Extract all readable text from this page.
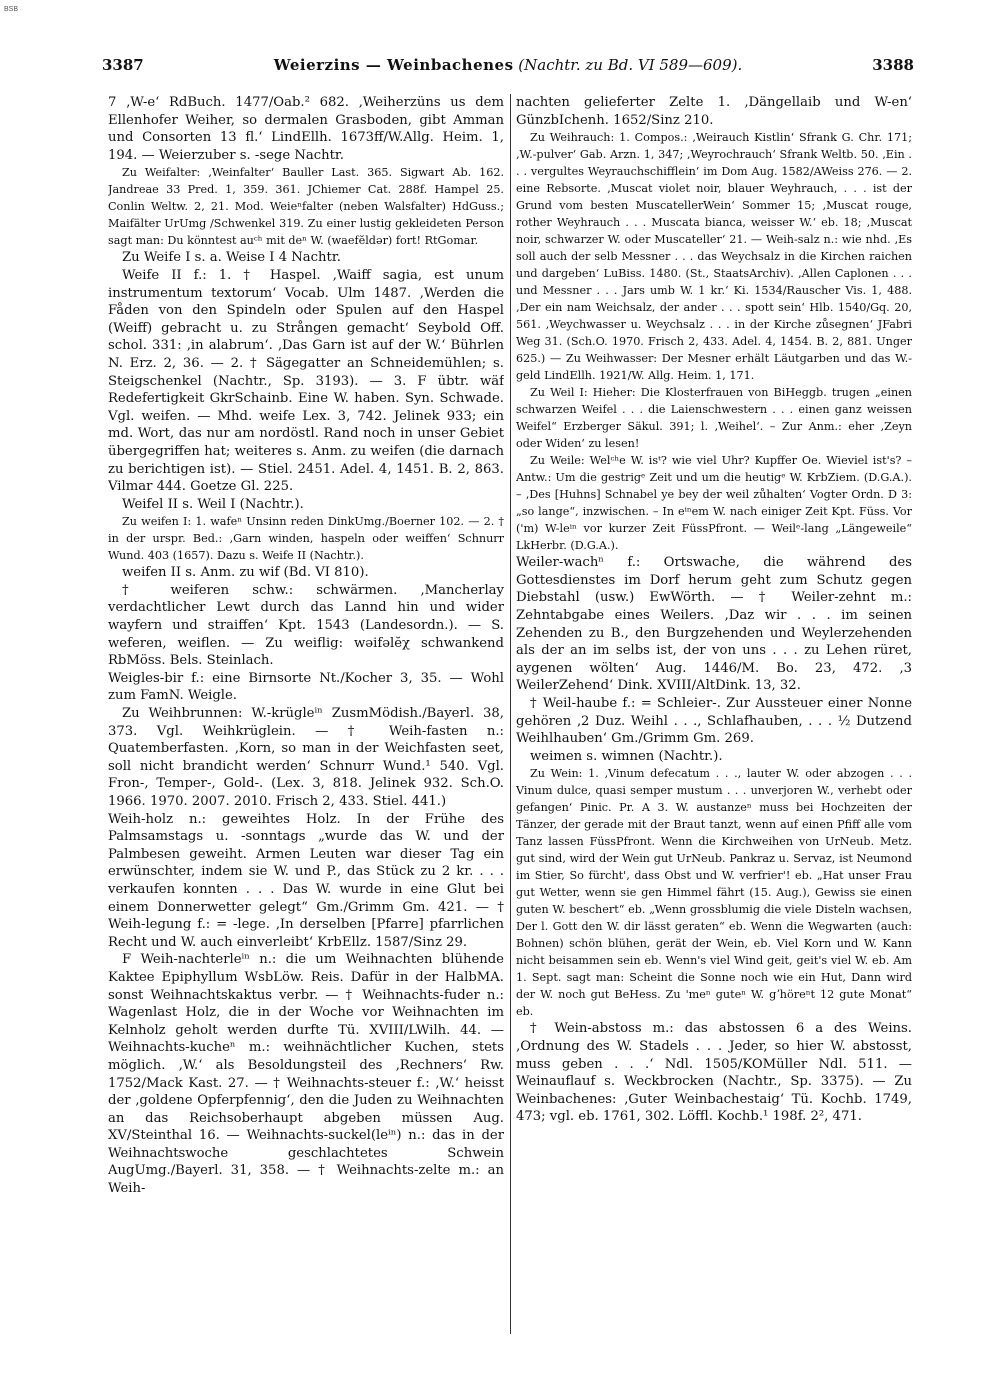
BSB
3387	Weierzins — Weinbachenes (Nachtr. zu Bd. VI 589—609).	3388

7 ‚W-e‘ RdBuch. 1477/Oab.² 682. ‚Weiherzüns us dem Ellenhofer Weiher, so dermalen Grasboden, gibt Amman und Consorten 13 fl.‘ LindEllh. 1673ff/W.Allg. Heim. 1, 194. — Weierzuber s. -sege Nachtr.

Zu Weifalter: ‚Weinfalter‘ Bauller Last. 365. Sigwart Ab. 162. Jandreae 33 Pred. 1, 359. 361. JChiemer Cat. 288f. Hampel 25. Conlin Weltw. 2, 21. Mod. Weieⁿfalter (neben Walsfalter) HdGuss.; Maifälter UrUmg /Schwenkel 319. Zu einer lustig gekleideten Person sagt man: Du könntest auᶜʰ mit deⁿ W. (waefĕldər) fort! RtGomar.

Zu Weife I s. a. Weise I 4 Nachtr.

Weife II f.: 1. † Haspel. ‚Waiff sagia, est unum instrumentum textorum‘ Vocab. Ulm 1487. ‚Werden die Fåden von den Spindeln oder Spulen auf den Haspel (Weiff) gebracht u. zu Strången gemacht‘ Seybold Off. schol. 331: ‚in alabrum‘. ‚Das Garn ist auf der W.‘ Bührlen N. Erz. 2, 36. — 2. † Sägegatter an Schneidemühlen; s. Steigschenkel (Nachtr., Sp. 3193). — 3. F übtr. wäf Redefertigkeit GkrSchainb. Eine W. haben. Syn. Schwade. Vgl. weifen. — Mhd. weife Lex. 3, 742. Jelinek 933; ein md. Wort, das nur am nordöstl. Rand noch in unser Gebiet übergegriffen hat; weiteres s. Anm. zu weifen (die darnach zu berichtigen ist). — Stiel. 2451. Adel. 4, 1451. B. 2, 863. Vilmar 444. Goetze Gl. 225.

Weifel II s. Weil I (Nachtr.).

Zu weifen I: 1. wafeⁿ Unsinn reden DinkUmg./Boerner 102. — 2. † in der urspr. Bed.: ‚Garn winden, haspeln oder weiffen‘ Schnurr Wund. 403 (1657). Dazu s. Weife II (Nachtr.).

weifen II s. Anm. zu wif (Bd. VI 810).

† weiferen schw.: schwärmen. ‚Mancherlay verdachtlicher Lewt durch das Lannd hin und wider wayfern und straiffen‘ Kpt. 1543 (Landesordn.). — S. weferen, weiflen. — Zu weiflig: wəifəlĕχ schwankend RbMöss. Bels. Steinlach.

Weigles-bir f.: eine Birnsorte Nt./Kocher 3, 35. — Wohl zum FamN. Weigle.

Zu Weihbrunnen: W.-krügleⁱⁿ ZusmMödish./Bayerl. 38, 373. Vgl. Weihkrüglein. — † Weih-fasten n.: Quatemberfasten. ‚Korn, so man in der Weichfasten seet, soll nicht brandicht werden‘ Schnurr Wund.¹ 540. Vgl. Fron-, Temper-, Gold-. (Lex. 3, 818. Jelinek 932. Sch.O. 1966. 1970. 2007. 2010. Frisch 2, 433. Stiel. 441.)

Weih-holz n.: geweihtes Holz. In der Frühe des Palmsamstags u. -sonntags „wurde das W. und der Palmbesen geweiht. Armen Leuten war dieser Tag ein erwünschter, indem sie W. und P., das Stück zu 2 kr. . . . verkaufen konnten . . . Das W. wurde in eine Glut bei einem Donnerwetter gelegt“ Gm./Grimm Gm. 421. — † Weih-legung f.: = -lege. ‚In derselben [Pfarre] pfarrlichen Recht und W. auch einverleibt‘ KrbEllz. 1587/Sinz 29.

F Weih-nachterleⁱⁿ n.: die um Weihnachten blühende Kaktee Epiphyllum WsbLöw. Reis. Dafür in der HalbMA. sonst Weihnachtskaktus verbr. — † Weihnachts-fuder n.: Wagenlast Holz, die in der Woche vor Weihnachten im Kelnholz geholt werden durfte Tü. XVIII/LWilh. 44. — Weihnachts-kucheⁿ m.: weihnächtlicher Kuchen, stets möglich. ‚W.‘ als Besoldungsteil des ‚Rechners‘ Rw. 1752/Mack Kast. 27. — † Weihnachts-steuer f.: ‚W.‘ heisst der ‚goldene Opferpfennig‘, den die Juden zu Weihnachten an das Reichsoberhaupt abgeben müssen Aug. XV/Steinthal 16. — Weihnachts-suckel(leⁱⁿ) n.: das in der Weihnachtswoche geschlachtetes Schwein AugUmg./Bayerl. 31, 358. — † Weihnachts-zelte m.: an Weih-

nachten gelieferter Zelte 1. ‚Dängellaib und W-en‘ GünzbIchenh. 1652/Sinz 210.

Zu Weihrauch: 1. Compos.: ‚Weirauch Kistlin‘ Sfrank G. Chr. 171; ‚W.-pulver‘ Gab. Arzn. 1, 347; ‚Weyrochrauch‘ Sfrank Weltb. 50. ‚Ein . . . vergultes Weyrauchschifflein‘ im Dom Aug. 1582/AWeiss 276. — 2. eine Rebsorte. ‚Muscat violet noir, blauer Weyhrauch, . . . ist der Grund vom besten MuscatellerWein‘ Sommer 15; ‚Muscat rouge, rother Weyhrauch . . . Muscata bianca, weisser W.‘ eb. 18; ‚Muscat noir, schwarzer W. oder Muscateller‘ 21. — Weih-salz n.: wie nhd. ‚Es soll auch der selb Messner . . . das Weychsalz in die Kirchen raichen und dargeben‘ LuBiss. 1480. (St., StaatsArchiv). ‚Allen Caplonen . . . und Messner . . . Jars umb W. 1 kr.‘ Ki. 1534/Rauscher Vis. 1, 488. ‚Der ein nam Weichsalz, der ander . . . spott sein‘ Hlb. 1540/Gq. 20, 561. ‚Weychwasser u. Weychsalz . . . in der Kirche zůsegnen‘ JFabri Weg 31. (Sch.O. 1970. Frisch 2, 433. Adel. 4, 1454. B. 2, 881. Unger 625.) — Zu Weihwasser: Der Mesner erhält Läutgarben und das W.-geld LindEllh. 1921/W. Allg. Heim. 1, 171.

Zu Weil I: Hieher: Die Klosterfrauen von BiHeggb. trugen „einen schwarzen Weifel . . . die Laienschwestern . . . einen ganz weissen Weifel“ Erzberger Säkul. 391; l. ‚Weihel‘. – Zur Anm.: eher ‚Zeyn oder Widen‘ zu lesen!

Zu Weile: Welᶜʰe W. isᵗ? wie viel Uhr? Kupffer Oe. Wieviel ist's? – Antw.: Um die gestrigᵉ Zeit und um die heutigᵉ W. KrbZiem. (D.G.A.). – ‚Des [Huhns] Schnabel ye bey der weil zůhalten‘ Vogter Ordn. D 3: „so lange“, inzwischen. – In eⁱⁿem W. nach einiger Zeit Kpt. Füss. Vor ('m) W-leⁱⁿ vor kurzer Zeit FüssPfront. — Weilᵉ-lang „Längeweile“ LkHerbr. (D.G.A.).

Weiler-wachⁿ f.: Ortswache, die während des Gottesdienstes im Dorf herum geht zum Schutz gegen Diebstahl (usw.) EwWörth. — † Weiler-zehnt m.: Zehntabgabe eines Weilers. ‚Daz wir . . . im seinen Zehenden zu B., den Burgzehenden und Weylerzehenden als der an im selbs ist, der von uns . . . zu Lehen rüret, aygenen wölten‘ Aug. 1446/M. Bo. 23, 472. ‚3 WeilerZehend‘ Dink. XVIII/AltDink. 13, 32.

† Weil-haube f.: = Schleier-. Zur Aussteuer einer Nonne gehören ‚2 Duz. Weihl . . ., Schlafhauben, . . . ½ Dutzend Weihlhauben‘ Gm./Grimm Gm. 269.

weimen s. wimnen (Nachtr.).

Zu Wein: 1. ‚Vinum defecatum . . ., lauter W. oder abzogen . . . Vinum dulce, quasi semper mustum . . . unverjoren W., verhebt oder gefangen‘ Pinic. Pr. A 3. W. austanzeⁿ muss bei Hochzeiten der Tänzer, der gerade mit der Braut tanzt, wenn auf einen Pfiff alle vom Tanz lassen FüssPfront. Wenn die Kirchweihen von UrNeub. Metz. gut sind, wird der Wein gut UrNeub. Pankraz u. Servaz, ist Neumond im Stier, So fürcht', dass Obst und W. verfrier'! eb. „Hat unser Frau gut Wetter, wenn sie gen Himmel fährt (15. Aug.), Gewiss sie einen guten W. beschert“ eb. „Wenn grossblumig die viele Disteln wachsen, Der l. Gott den W. dir lässt geraten“ eb. Wenn die Wegwarten (auch: Bohnen) schön blühen, gerät der Wein, eb. Viel Korn und W. Kann nicht beisammen sein eb. Wenn's viel Wind geit, geit's viel W. eb. Am 1. Sept. sagt man: Scheint die Sonne noch wie ein Hut, Dann wird der W. noch gut BeHess. Zu 'meⁿ guteⁿ W. gʼhöreⁿt 12 gute Monat“ eb.

† Wein-abstoss m.: das abstossen 6 a des Weins. ‚Ordnung des W. Stadels . . . Jeder, so hier W. abstosst, muss geben . . .‘ Ndl. 1505/KOMüller Ndl. 511. — Weinauflauf s. Weckbrocken (Nachtr., Sp. 3375). — Zu Weinbachenes: ‚Guter Weinbachestaig‘ Tü. Kochb. 1749, 473; vgl. eb. 1761, 302. Löffl. Kochb.¹ 198f. 2², 471.
